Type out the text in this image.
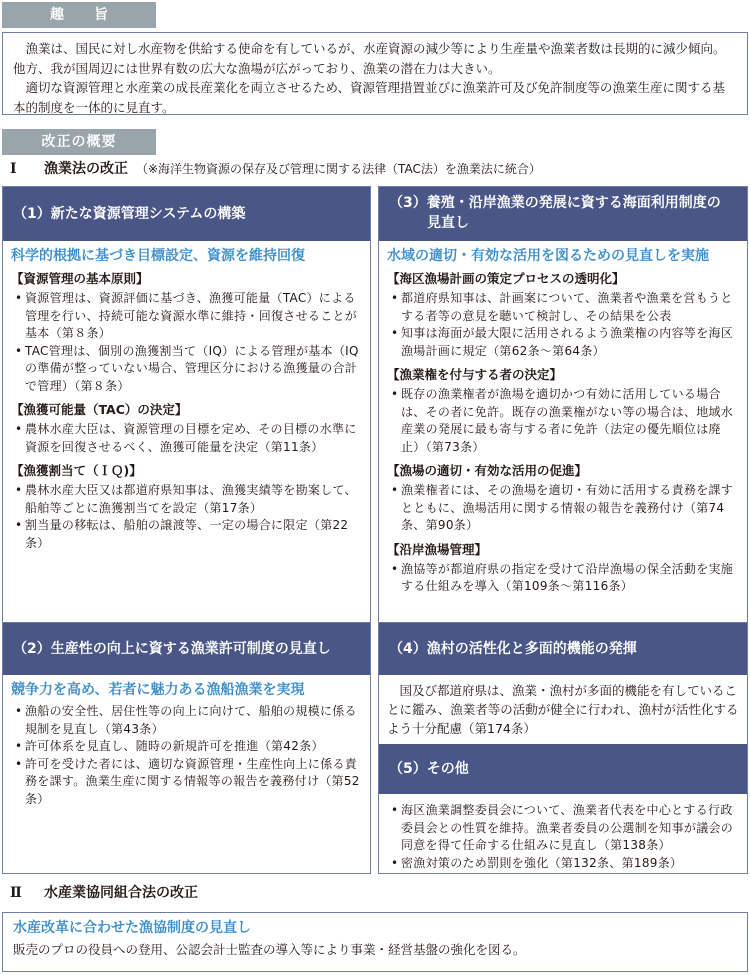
趣旨

漁業は、国民に対し水産物を供給する使命を有しているが、水産資源の減少等により生産量や漁業者数は長期的に減少傾向。他方、我が国周辺には世界有数の広大な漁場が広がっており、漁業の潜在力は大きい。

適切な資源管理と水産業の成長産業化を両立させるため、資源管理措置並びに漁業許可及び免許制度等の漁業生産に関する基本的制度を一体的に見直す。

改正の概要
Ⅰ 漁業法の改正 （※海洋生物資源の保存及び管理に関する法律（TAC法）を漁業法に統合）
（1）新たな資源管理システムの構築
科学的根拠に基づき目標設定、資源を維持回復
【資源管理の基本原則】
• 資源管理は、資源評価に基づき、漁獲可能量（TAC）による管理を行い、持続可能な資源水準に維持・回復させることが基本（第８条）
• TAC管理は、個別の漁獲割当て（IQ）による管理が基本（IQの準備が整っていない場合、管理区分における漁獲量の合計で管理）（第８条）
【漁獲可能量（TAC）の決定】
• 農林水産大臣は、資源管理の目標を定め、その目標の水準に資源を回復させるべく、漁獲可能量を決定（第11条）
【漁獲割当て（ＩＱ)】
• 農林水産大臣又は都道府県知事は、漁獲実績等を勘案して、船舶等ごとに漁獲割当てを設定（第17条）
• 割当量の移転は、船舶の譲渡等、一定の場合に限定（第22条）
（2）生産性の向上に資する漁業許可制度の見直し
競争力を高め、若者に魅力ある漁船漁業を実現
• 漁船の安全性、居住性等の向上に向けて、船舶の規模に係る規制を見直し（第43条）
• 許可体系を見直し、随時の新規許可を推進（第42条）
• 許可を受けた者には、適切な資源管理・生産性向上に係る責務を課す。漁業生産に関する情報等の報告を義務付け（第52条）
（3）養殖・沿岸漁業の発展に資する海面利用制度の
見直し
水域の適切・有効な活用を図るための見直しを実施
【海区漁場計画の策定プロセスの透明化】
• 都道府県知事は、計画案について、漁業者や漁業を営もうとする者等の意見を聴いて検討し、その結果を公表
• 知事は海面が最大限に活用されるよう漁業権の内容等を海区漁場計画に規定（第62条～第64条）
【漁業権を付与する者の決定】
• 既存の漁業権者が漁場を適切かつ有効に活用している場合は、その者に免許。既存の漁業権がない等の場合は、地域水産業の発展に最も寄与する者に免許（法定の優先順位は廃止）（第73条）
【漁場の適切・有効な活用の促進】
• 漁業権者には、その漁場を適切・有効に活用する責務を課すとともに、漁場活用に関する情報の報告を義務付け（第74条、第90条）
【沿岸漁場管理】
• 漁協等が都道府県の指定を受けて沿岸漁場の保全活動を実施する仕組みを導入（第109条～第116条）
（4）漁村の活性化と多面的機能の発揮
国及び都道府県は、漁業・漁村が多面的機能を有していることに鑑み、漁業者等の活動が健全に行われ、漁村が活性化するよう十分配慮（第174条）
（5）その他
• 海区漁業調整委員会について、漁業者代表を中心とする行政委員会との性質を維持。漁業者委員の公選制を知事が議会の同意を得て任命する仕組みに見直し（第138条）
• 密漁対策のため罰則を強化（第132条、第189条）
Ⅱ 水産業協同組合法の改正
水産改革に合わせた漁協制度の見直し
販売のプロの役員への登用、公認会計士監査の導入等により事業・経営基盤の強化を図る。
